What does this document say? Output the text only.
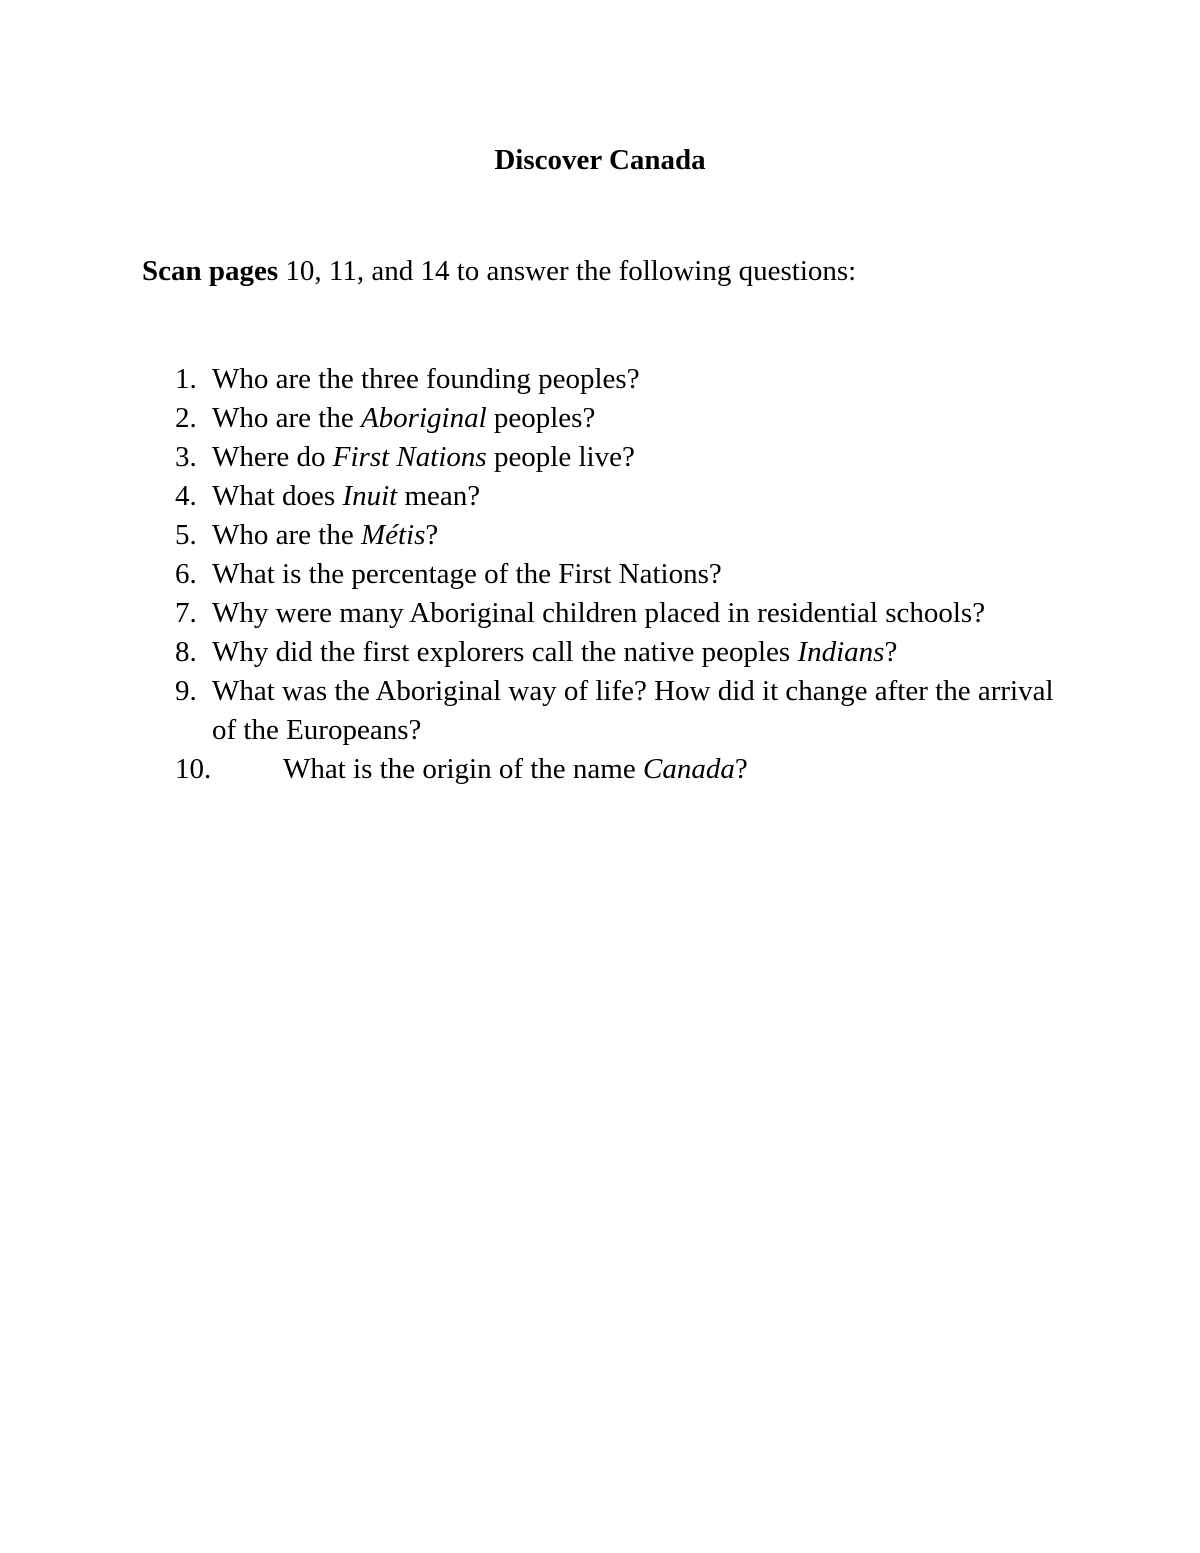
Discover Canada
Scan pages 10, 11, and 14 to answer the following questions:
1. Who are the three founding peoples?
2. Who are the Aboriginal peoples?
3. Where do First Nations people live?
4. What does Inuit mean?
5. Who are the Métis?
6. What is the percentage of the First Nations?
7. Why were many Aboriginal children placed in residential schools?
8. Why did the first explorers call the native peoples Indians?
9. What was the Aboriginal way of life? How did it change after the arrival of the Europeans?
10. What is the origin of the name Canada?
